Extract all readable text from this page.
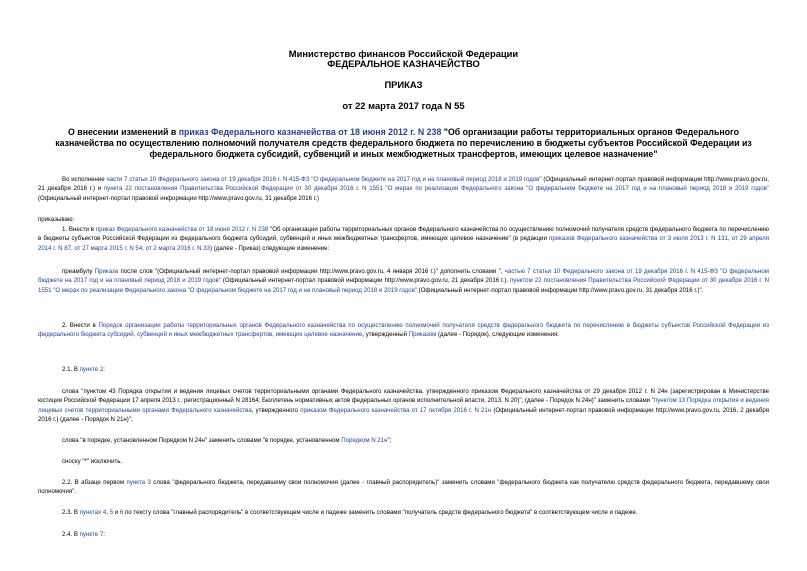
Министерство финансов Российской Федерации
ФЕДЕРАЛЬНОЕ КАЗНАЧЕЙСТВО
ПРИКАЗ
от 22 марта 2017 года N 55
О внесении изменений в приказ Федерального казначейства от 18 июня 2012 г. N 238 "Об организации работы территориальных органов Федерального казначейства по осуществлению полномочий получателя средств федерального бюджета по перечислению в бюджеты субъектов Российской Федерации из федерального бюджета субсидий, субвенций и иных межбюджетных трансфертов, имеющих целевое назначение"

Во исполнение части 7 статьи 10 Федерального закона от 19 декабря 2016 г. N 415-ФЗ "О федеральном бюджете на 2017 год и на плановый период 2018 и 2019 годов" (Официальный интернет-портал правовой информации http://www.pravo.gov.ru, 21 декабря 2016 г.) и пункта 22 постановления Правительства Российской Федерации от 30 декабря 2016 г. N 1551 "О мерах по реализации Федерального закона "О федеральном бюджете на 2017 год и на плановый период 2018 и 2019 годов" (Официальный интернет-портал правовой информации http://www.pravo.gov.ru, 31 декабря 2016 г.)

приказываю:

1. Внести в приказ Федерального казначейства от 18 июня 2012 г. N 238 "Об организации работы территориальных органов Федерального казначейства по осуществлению полномочий получателя средств федерального бюджета по перечислению в бюджеты субъектов Российской Федерации из федерального бюджета субсидий, субвенций и иных межбюджетных трансфертов, имеющих целевое назначение" (в редакции приказов Федерального казначейства от 3 июля 2013 г. N 131, от 29 апреля 2014 г. N 87, от 27 марта 2015 г. N 54, от 2 марта 2016 г. N 33) (далее - Приказ) следующие изменение:

преамбулу Приказа после слов "(Официальный интернет-портал правовой информации http://www.pravo.gov.ru, 4 января 2016 г.)" дополнить словами ", частью 7 статьи 10 Федерального закона от 19 декабря 2016 г. N 415-ФЗ "О федеральном бюджете на 2017 год и на плановый период 2018 и 2019 годов" (Официальный интернет-портал правовой информации http://www.pravo.gov.ru, 21 декабря 2016 г.), пунктом 22 постановления Правительства Российской Федерации от 30 декабря 2016 г. N 1551 "О мерах по реализации Федерального закона "О федеральном бюджете на 2017 год и на плановый период 2018 и 2019 годов" (Официальный интернет-портал правовой информации http://www.pravo.gov.ru, 31 декабря 2016 г.)".

2. Внести в Порядок организации работы территориальных органов Федерального казначейства по осуществлению полномочий получателя средств федерального бюджета по перечислению в бюджеты субъектов Российской Федерации из федерального бюджета субсидий, субвенций и иных межбюджетных трансфертов, имеющих целевое назначение, утвержденный Приказом (далее - Порядок), следующие изменения:

2.1. В пункте 2:

слова "пунктом 43 Порядка открытия и ведения лицевых счетов территориальными органами Федерального казначейства, утвержденного приказом Федерального казначейства от 29 декабря 2012 г. N 24н (зарегистрирован в Министерстве юстиции Российской Федерации 17 апреля 2013 г., регистрационный N 28164; Бюллетень нормативных актов федеральных органов исполнительной власти, 2013, N 20)", (далее - Порядок N 24н)" заменить словами "пунктом 13 Порядка открытия и ведения лицевых счетов территориальными органами Федерального казначейства, утвержденного приказом Федерального казначейства от 17 октября 2016 г. N 21н (Официальный интернет-портал правовой информации http://www.pravo.gov.ru, 2016, 2 декабря 2016 г.) (далее - Порядок N 21н)";

слова "в порядке, установленном Порядком N 24н" заменить словами "в порядке, установленном Порядком N 21н";

сноску "*" исключить.

2.2. В абзаце первом пункта 3 слова "федерального бюджета, передавшему свои полномочия (далее - главный распорядитель)" заменить словами "федерального бюджета как получателю средств федерального бюджета, передавшему свои полномочия".

2.3. В пунктах 4, 5 и 6 по тексту слова "главный распорядитель" в соответствующем числе и падеже заменить словами "получатель средств федерального бюджета" в соответствующем числе и падеже.

2.4. В пункте 7:
